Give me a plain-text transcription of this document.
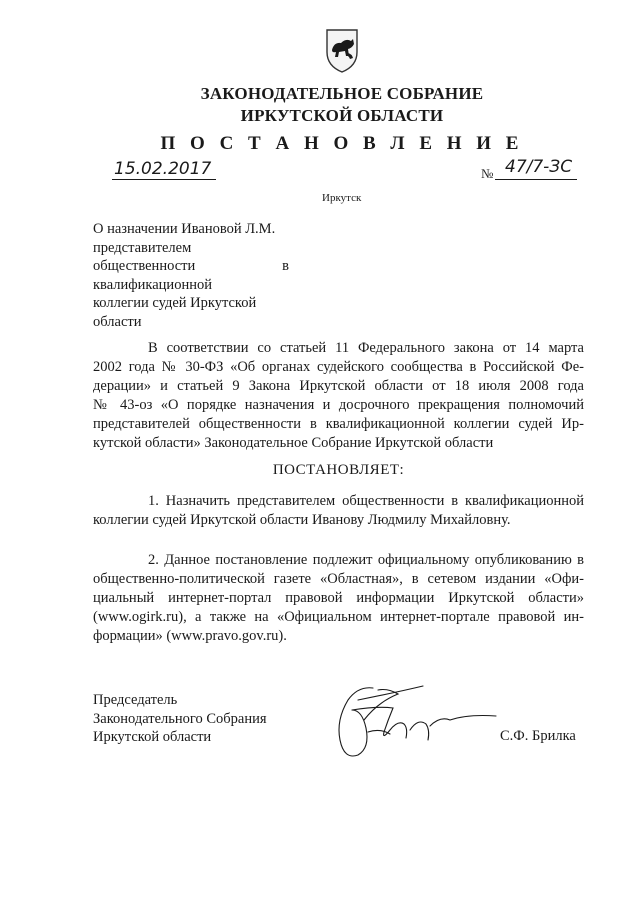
ЗАКОНОДАТЕЛЬНОЕ СОБРАНИЕ
ИРКУТСКОЙ ОБЛАСТИ
П О С Т А Н О В Л Е Н И Е
15.02.2017	№ 47/7-ЗС
Иркутск
О назначении Ивановой Л.М.
представителем общественности в квалификационной
коллегии судей Иркутской
области
В соответствии со статьей 11 Федерального закона от 14 марта
2002 года № 30-ФЗ «Об органах судейского сообщества в Российской Фе-
дерации» и статьей 9 Закона Иркутской области от 18 июля 2008 года
№ 43-оз «О порядке назначения и досрочного прекращения полномочий
представителей общественности в квалификационной коллегии судей Ир-
кутской области» Законодательное Собрание Иркутской области
ПОСТАНОВЛЯЕТ:
1. Назначить представителем общественности в квалификационной
коллегии судей Иркутской области Иванову Людмилу Михайловну.
2. Данное постановление подлежит официальному опубликованию в
общественно-политической газете «Областная», в сетевом издании «Офи-
циальный интернет-портал правовой информации Иркутской области»
(www.ogirk.ru), а также на «Официальном интернет-портале правовой ин-
формации» (www.pravo.gov.ru).
Председатель
Законодательного Собрания
Иркутской области	С.Ф. Брилка
